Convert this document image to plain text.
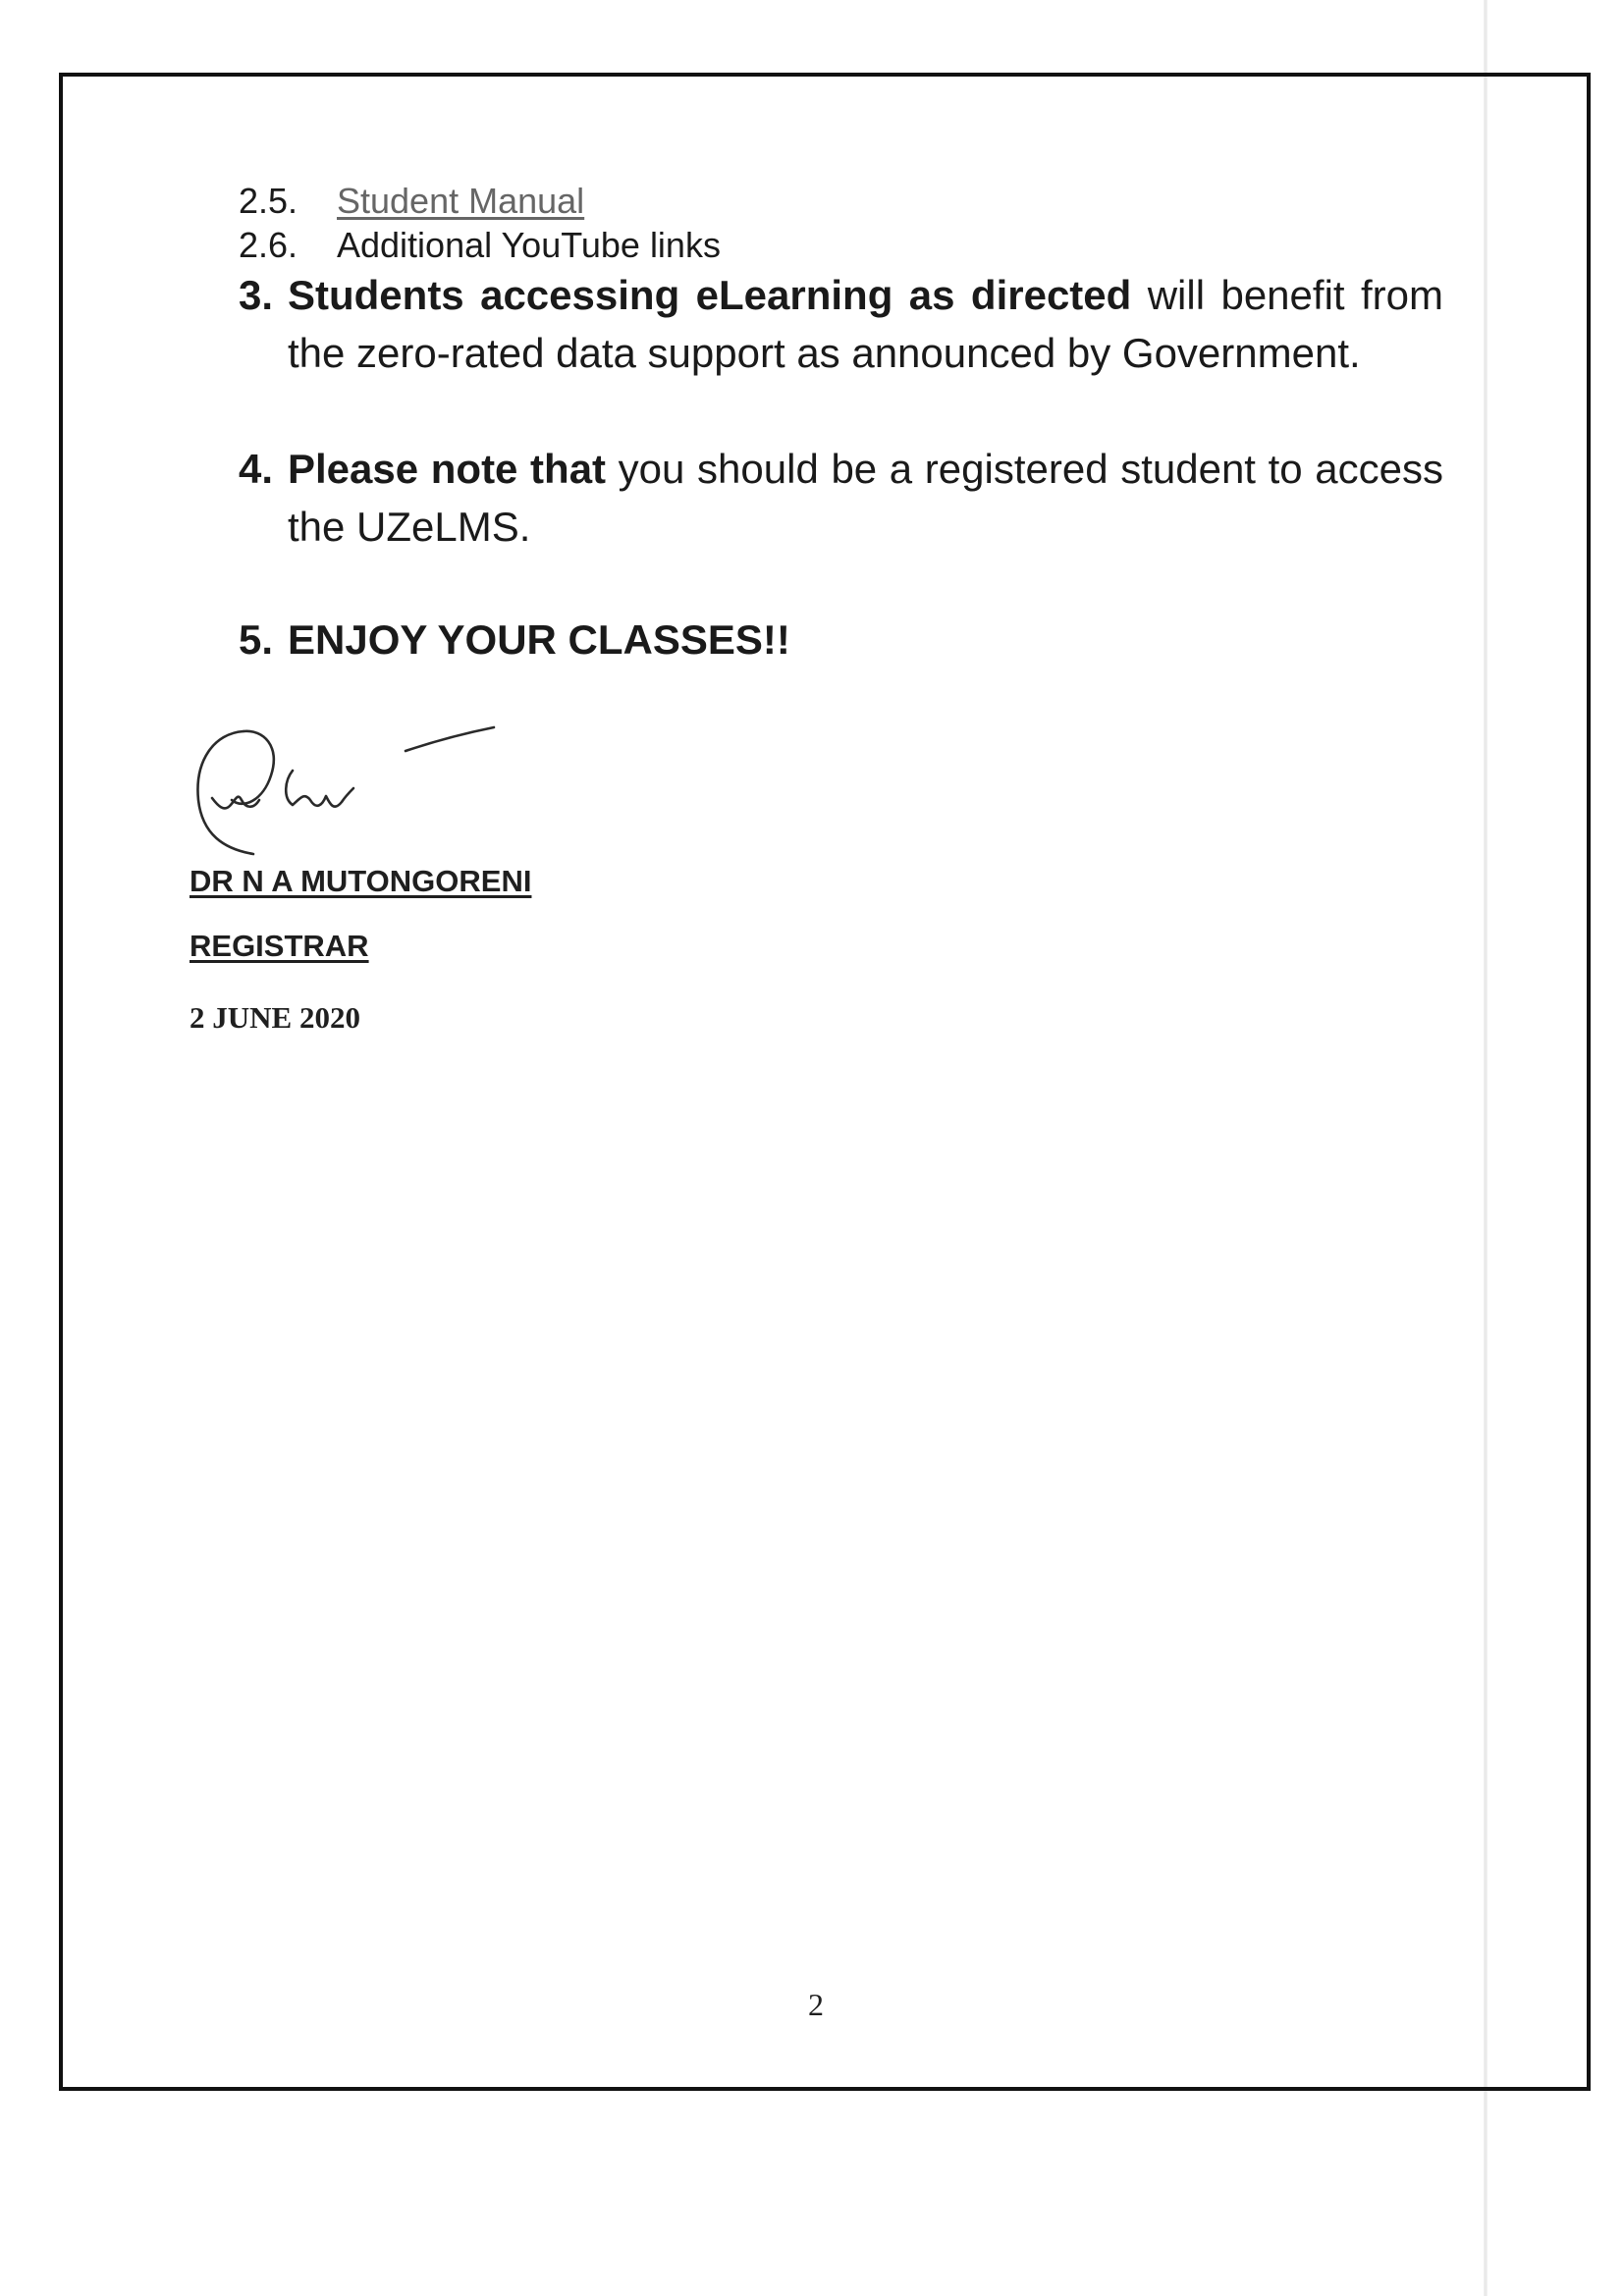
2.5. Student Manual
2.6. Additional YouTube links
3. Students accessing eLearning as directed will benefit from the zero-rated data support as announced by Government.
4. Please note that you should be a registered student to access the UZeLMS.
5. ENJOY YOUR CLASSES!!
DR N A MUTONGORENI
REGISTRAR
2 JUNE 2020
2
